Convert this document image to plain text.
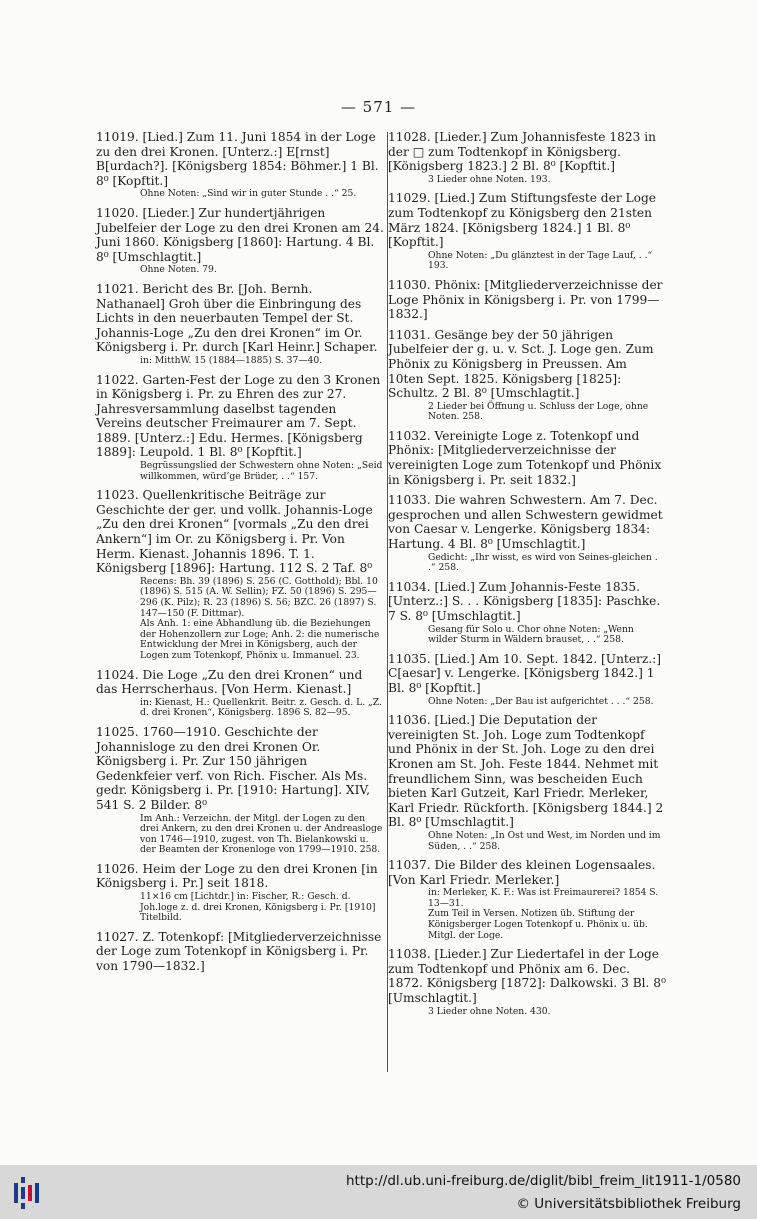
— 571 —
11019. [Lied.] Zum 11. Juni 1854 in der Loge zu den drei Kronen. [Unterz.:] E[rnst] B[urdach?]. [Königsberg 1854: Böhmer.] 1 Bl. 8⁰ [Kopftit.]
Ohne Noten: „Sind wir in guter Stunde . .“ 25.
11020. [Lieder.] Zur hundertjährigen Jubelfeier der Loge zu den drei Kronen am 24. Juni 1860. Königsberg [1860]: Hartung. 4 Bl. 8⁰ [Umschlagtit.]
Ohne Noten. 79.
11021. Bericht des Br. [Joh. Bernh. Nathanael] Groh über die Einbringung des Lichts in den neuerbauten Tempel der St. Johannis-Loge „Zu den drei Kronen“ im Or. Königsberg i. Pr. durch [Karl Heinr.] Schaper.
in: MitthW. 15 (1884—1885) S. 37—40.
11022. Garten-Fest der Loge zu den 3 Kronen in Königsberg i. Pr. zu Ehren des zur 27. Jahresversammlung daselbst tagenden Vereins deutscher Freimaurer am 7. Sept. 1889. [Unterz.:] Edu. Hermes. [Königsberg 1889]: Leupold. 1 Bl. 8⁰ [Kopftit.]
Begrüssungslied der Schwestern ohne Noten: „Seid willkommen, würd’ge Brüder, . .“ 157.
11023. Quellenkritische Beiträge zur Geschichte der ger. und vollk. Johannis-Loge „Zu den drei Kronen“ [vormals „Zu den drei Ankern“] im Or. zu Königsberg i. Pr. Von Herm. Kienast. Johannis 1896. T. 1. Königsberg [1896]: Hartung. 112 S. 2 Taf. 8⁰
Recens: Bh. 39 (1896) S. 256 (C. Gotthold); Bbl. 10 (1896) S. 515 (A. W. Sellin); FZ. 50 (1896) S. 295—296 (K. Pilz); R. 23 (1896) S. 56; BZC. 26 (1897) S. 147—150 (F. Dittmar).
Als Anh. 1: eine Abhandlung üb. die Beziehungen der Hohenzollern zur Loge; Anh. 2: die numerische Entwicklung der Mrei in Königsberg, auch der Logen zum Totenkopf, Phönix u. Immanuel. 23.
11024. Die Loge „Zu den drei Kronen“ und das Herrscherhaus. [Von Herm. Kienast.]
in: Kienast, H.: Quellenkrit. Beitr. z. Gesch. d. L. „Z. d. drei Kronen“, Königsberg. 1896 S. 82—95.
11025. 1760—1910. Geschichte der Johannisloge zu den drei Kronen Or. Königsberg i. Pr. Zur 150 jährigen Gedenkfeier verf. von Rich. Fischer. Als Ms. gedr. Königsberg i. Pr. [1910: Hartung]. XIV, 541 S. 2 Bilder. 8⁰
Im Anh.: Verzeichn. der Mitgl. der Logen zu den drei Ankern, zu den drei Kronen u. der Andreasloge von 1746—1910, zugest. von Th. Bielankowski u. der Beamten der Kronenloge von 1799—1910. 258.
11026. Heim der Loge zu den drei Kronen [in Königsberg i. Pr.] seit 1818.
11×16 cm [Lichtdr.] in: Fischer, R.: Gesch. d. Joh.loge z. d. drei Kronen, Königsberg i. Pr. [1910] Titelbild.
11027. Z. Totenkopf: [Mitgliederverzeichnisse der Loge zum Totenkopf in Königsberg i. Pr. von 1790—1832.]
11028. [Lieder.] Zum Johannisfeste 1823 in der □ zum Todtenkopf in Königsberg. [Königsberg 1823.] 2 Bl. 8⁰ [Kopftit.]
3 Lieder ohne Noten. 193.
11029. [Lied.] Zum Stiftungsfeste der Loge zum Todtenkopf zu Königsberg den 21sten März 1824. [Königsberg 1824.] 1 Bl. 8⁰ [Kopftit.]
Ohne Noten: „Du glänztest in der Tage Lauf, . .“ 193.
11030. Phönix: [Mitgliederverzeichnisse der Loge Phönix in Königsberg i. Pr. von 1799—1832.]
11031. Gesänge bey der 50 jährigen Jubelfeier der g. u. v. Sct. J. Loge gen. Zum Phönix zu Königsberg in Preussen. Am 10ten Sept. 1825. Königsberg [1825]: Schultz. 2 Bl. 8⁰ [Umschlagtit.]
2 Lieder bei Öffnung u. Schluss der Loge, ohne Noten. 258.
11032. Vereinigte Loge z. Totenkopf und Phönix: [Mitgliederverzeichnisse der vereinigten Loge zum Totenkopf und Phönix in Königsberg i. Pr. seit 1832.]
11033. Die wahren Schwestern. Am 7. Dec. gesprochen und allen Schwestern gewidmet von Caesar v. Lengerke. Königsberg 1834: Hartung. 4 Bl. 8⁰ [Umschlagtit.]
Gedicht: „Ihr wisst, es wird von Seines-gleichen . .“ 258.
11034. [Lied.] Zum Johannis-Feste 1835. [Unterz.:] S. . . Königsberg [1835]: Paschke. 7 S. 8⁰ [Umschlagtit.]
Gesang für Solo u. Chor ohne Noten: „Wenn wilder Sturm in Wäldern brauset, . .“ 258.
11035. [Lied.] Am 10. Sept. 1842. [Unterz.:] C[aesar] v. Lengerke. [Königsberg 1842.] 1 Bl. 8⁰ [Kopftit.]
Ohne Noten: „Der Bau ist aufgerichtet . . .“ 258.
11036. [Lied.] Die Deputation der vereinigten St. Joh. Loge zum Todtenkopf und Phönix in der St. Joh. Loge zu den drei Kronen am St. Joh. Feste 1844. Nehmet mit freundlichem Sinn, was bescheiden Euch bieten Karl Gutzeit, Karl Friedr. Merleker, Karl Friedr. Rückforth. [Königsberg 1844.] 2 Bl. 8⁰ [Umschlagtit.]
Ohne Noten: „In Ost und West, im Norden und im Süden, . .“ 258.
11037. Die Bilder des kleinen Logensaales. [Von Karl Friedr. Merleker.]
in: Merleker, K. F.: Was ist Freimaurerei? 1854 S. 13—31.
Zum Teil in Versen. Notizen üb. Stiftung der Königsberger Logen Totenkopf u. Phönix u. üb. Mitgl. der Loge.
11038. [Lieder.] Zur Liedertafel in der Loge zum Todtenkopf und Phönix am 6. Dec. 1872. Königsberg [1872]: Dalkowski. 3 Bl. 8⁰ [Umschlagtit.]
3 Lieder ohne Noten. 430.
http://dl.ub.uni-freiburg.de/diglit/bibl_freim_lit1911-1/0580
© Universitätsbibliothek Freiburg
